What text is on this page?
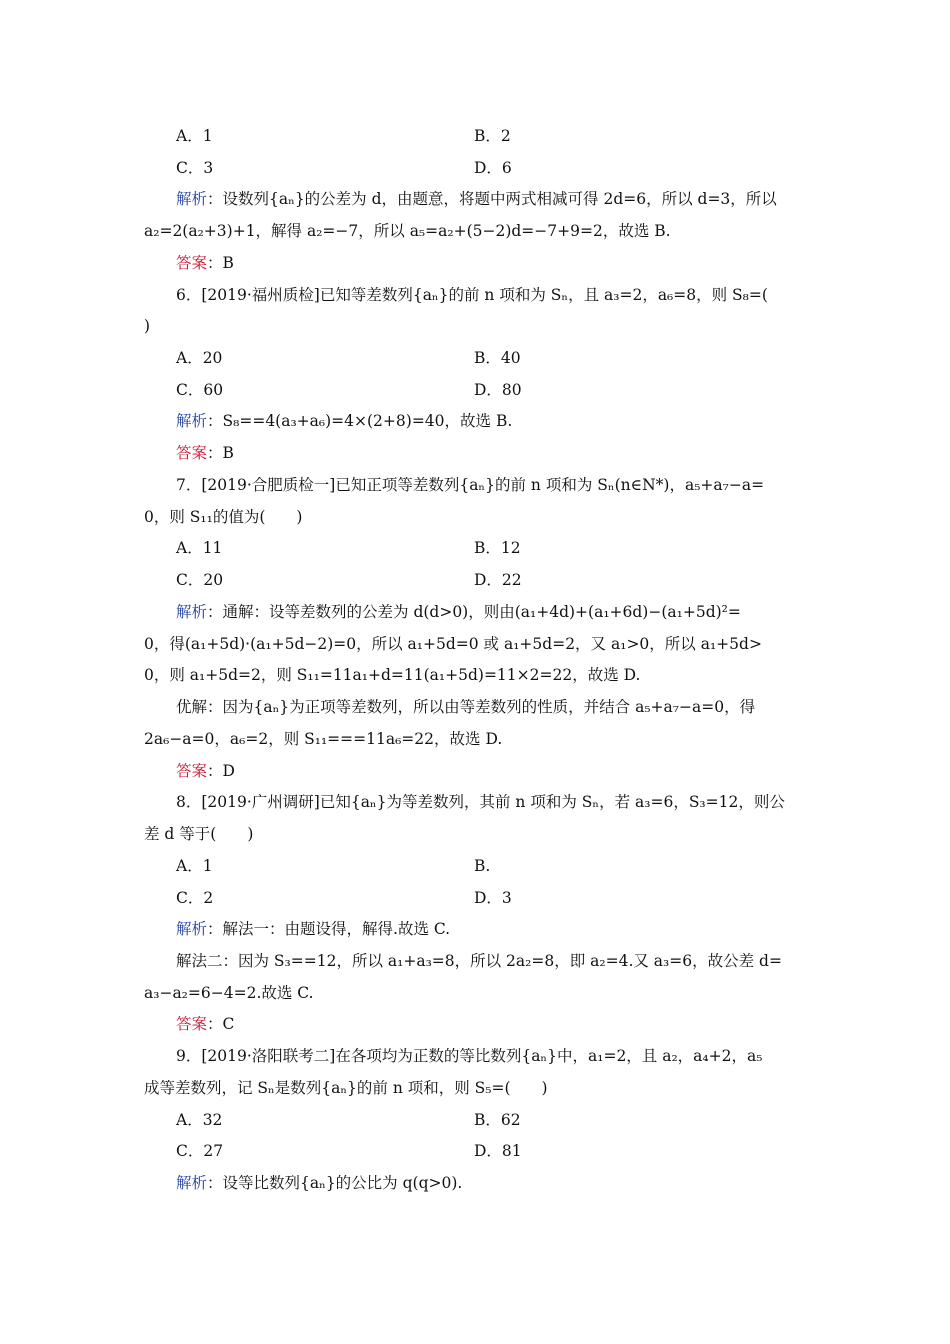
A．1	B．2
C．3	D．6
解析：设数列{aₙ}的公差为 d，由题意，将题中两式相减可得 2d=6，所以 d=3，所以
a₂=2(a₂+3)+1，解得 a₂=−7，所以 a₅=a₂+(5−2)d=−7+9=2，故选 B.
答案：B
6．[2019·福州质检]已知等差数列{aₙ}的前 n 项和为 Sₙ，且 a₃=2，a₆=8，则 S₈=(
)
A．20	B．40
C．60	D．80
解析：S₈==4(a₃+a₆)=4×(2+8)=40，故选 B.
答案：B
7．[2019·合肥质检一]已知正项等差数列{aₙ}的前 n 项和为 Sₙ(n∈N*)，a₅+a₇−a=
0，则 S₁₁的值为(　　)
A．11	B．12
C．20	D．22
解析：通解：设等差数列的公差为 d(d>0)，则由(a₁+4d)+(a₁+6d)−(a₁+5d)²=
0，得(a₁+5d)·(a₁+5d−2)=0，所以 a₁+5d=0 或 a₁+5d=2，又 a₁>0，所以 a₁+5d>
0，则 a₁+5d=2，则 S₁₁=11a₁+d=11(a₁+5d)=11×2=22，故选 D.
优解：因为{aₙ}为正项等差数列，所以由等差数列的性质，并结合 a₅+a₇−a=0，得
2a₆−a=0，a₆=2，则 S₁₁===11a₆=22，故选 D.
答案：D
8．[2019·广州调研]已知{aₙ}为等差数列，其前 n 项和为 Sₙ，若 a₃=6，S₃=12，则公
差 d 等于(　　)
A．1	B.
C．2	D．3
解析：解法一：由题设得，解得.故选 C.
解法二：因为 S₃==12，所以 a₁+a₃=8，所以 2a₂=8，即 a₂=4.又 a₃=6，故公差 d=
a₃−a₂=6−4=2.故选 C.
答案：C
9．[2019·洛阳联考二]在各项均为正数的等比数列{aₙ}中，a₁=2，且 a₂，a₄+2，a₅
成等差数列，记 Sₙ是数列{aₙ}的前 n 项和，则 S₅=(　　)
A．32	B．62
C．27	D．81
解析：设等比数列{aₙ}的公比为 q(q>0).
